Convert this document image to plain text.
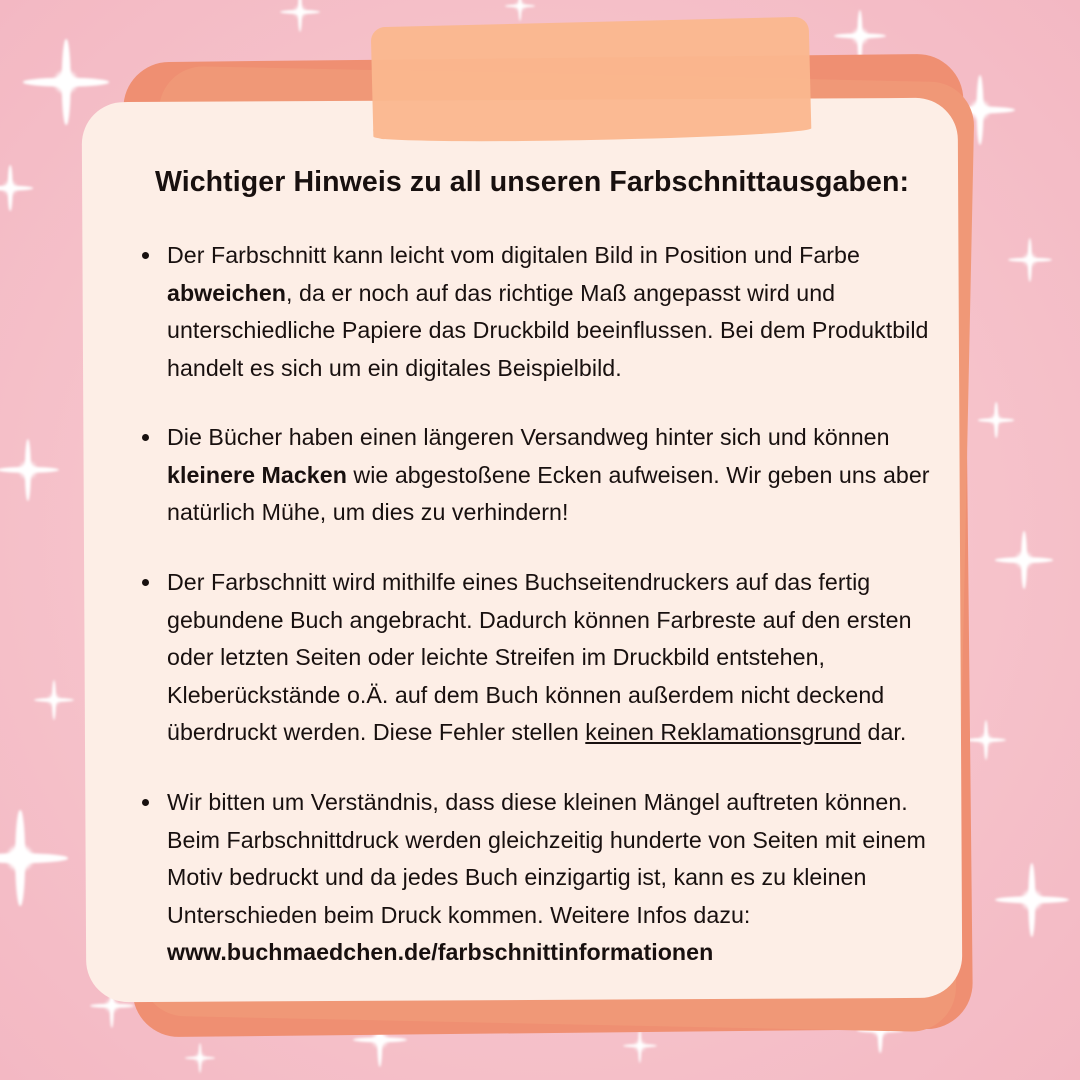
Wichtiger Hinweis zu all unseren Farbschnittausgaben:
Der Farbschnitt kann leicht vom digitalen Bild in Position und Farbe abweichen, da er noch auf das richtige Maß angepasst wird und unterschiedliche Papiere das Druckbild beeinflussen. Bei dem Produktbild handelt es sich um ein digitales Beispielbild.
Die Bücher haben einen längeren Versandweg hinter sich und können kleinere Macken wie abgestoßene Ecken aufweisen. Wir geben uns aber natürlich Mühe, um dies zu verhindern!
Der Farbschnitt wird mithilfe eines Buchseitendruckers auf das fertig gebundene Buch angebracht. Dadurch können Farbreste auf den ersten oder letzten Seiten oder leichte Streifen im Druckbild entstehen, Kleberückstände o.Ä. auf dem Buch können außerdem nicht deckend überdruckt werden. Diese Fehler stellen keinen Reklamationsgrund dar.
Wir bitten um Verständnis, dass diese kleinen Mängel auftreten können. Beim Farbschnittdruck werden gleichzeitig hunderte von Seiten mit einem Motiv bedruckt und da jedes Buch einzigartig ist, kann es zu kleinen Unterschieden beim Druck kommen. Weitere Infos dazu: www.buchmaedchen.de/farbschnittinformationen
